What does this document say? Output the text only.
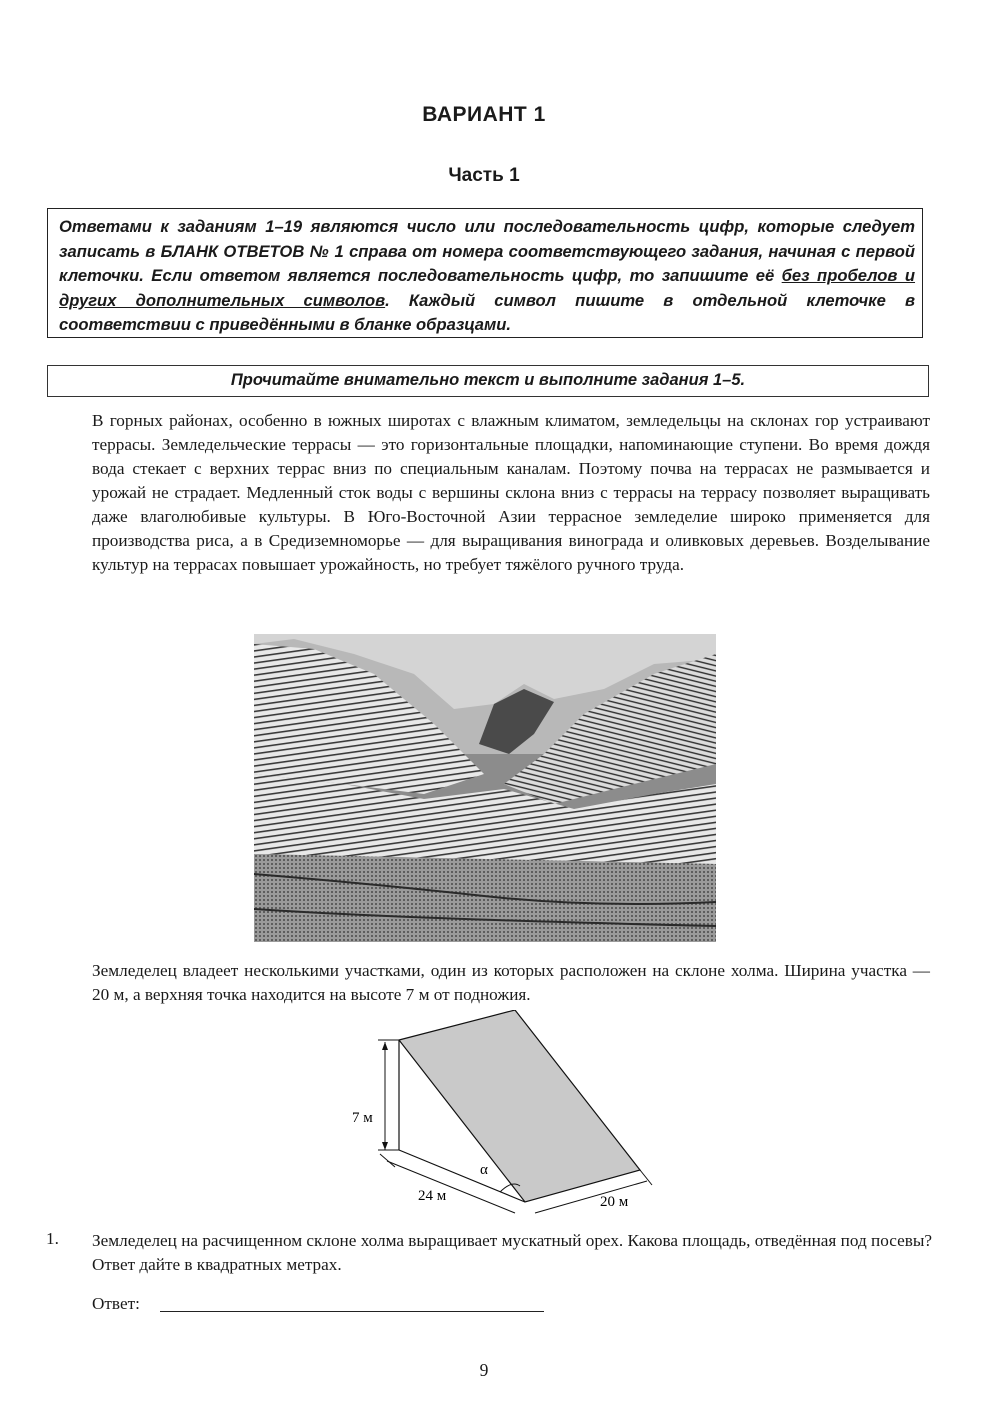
ВАРИАНТ 1
Часть 1
Ответами к заданиям 1–19 являются число или последовательность цифр, которые следует записать в БЛАНК ОТВЕТОВ № 1 справа от номера соответствующего задания, начиная с первой клеточки. Если ответом является последовательность цифр, то запишите её без пробелов и других дополнительных символов. Каждый символ пишите в отдельной клеточке в соответствии с приведёнными в бланке образцами.
Прочитайте внимательно текст и выполните задания 1–5.
В горных районах, особенно в южных широтах с влажным климатом, земледельцы на склонах гор устраивают террасы. Земледельческие террасы — это горизонтальные площадки, напоминающие ступени. Во время дождя вода стекает с верхних террас вниз по специальным каналам. Поэтому почва на террасах не размывается и урожай не страдает. Медленный сток воды с вершины склона вниз с террасы на террасу позволяет выращивать даже влаголюбивые культуры. В Юго-Восточной Азии террасное земледелие широко применяется для производства риса, а в Средиземноморье — для выращивания винограда и оливковых деревьев. Возделывание культур на террасах повышает урожайность, но требует тяжёлого ручного труда.
Земледелец владеет несколькими участками, один из которых расположен на склоне холма. Ширина участка — 20 м, а верхняя точка находится на высоте 7 м от подножия.
7 м
24 м	20 м
α
1. Земледелец на расчищенном склоне холма выращивает мускатный орех. Какова площадь, отведённая под посевы? Ответ дайте в квадратных метрах.
Ответ:
9
